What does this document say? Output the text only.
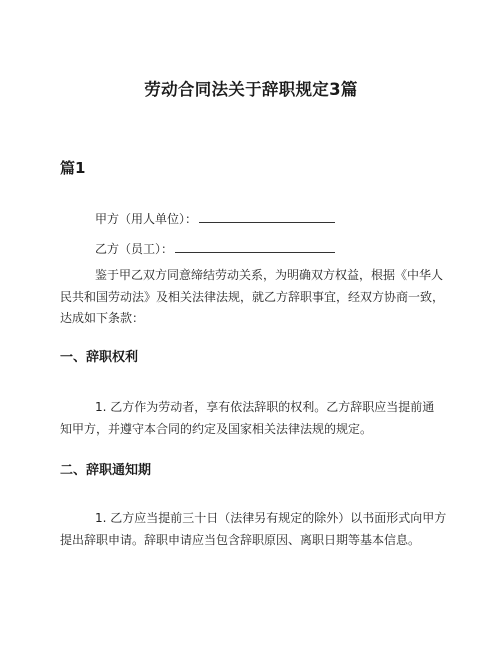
劳动合同法关于辞职规定3篇
篇1
甲方（用人单位）：
乙方（员工）：
鉴于甲乙双方同意缔结劳动关系，为明确双方权益，根据《中华人
民共和国劳动法》及相关法律法规，就乙方辞职事宜，经双方协商一致，
达成如下条款：
一、辞职权利
1. 乙方作为劳动者，享有依法辞职的权利。乙方辞职应当提前通
知甲方，并遵守本合同的约定及国家相关法律法规的规定。
二、辞职通知期
1. 乙方应当提前三十日（法律另有规定的除外）以书面形式向甲方
提出辞职申请。辞职申请应当包含辞职原因、离职日期等基本信息。
